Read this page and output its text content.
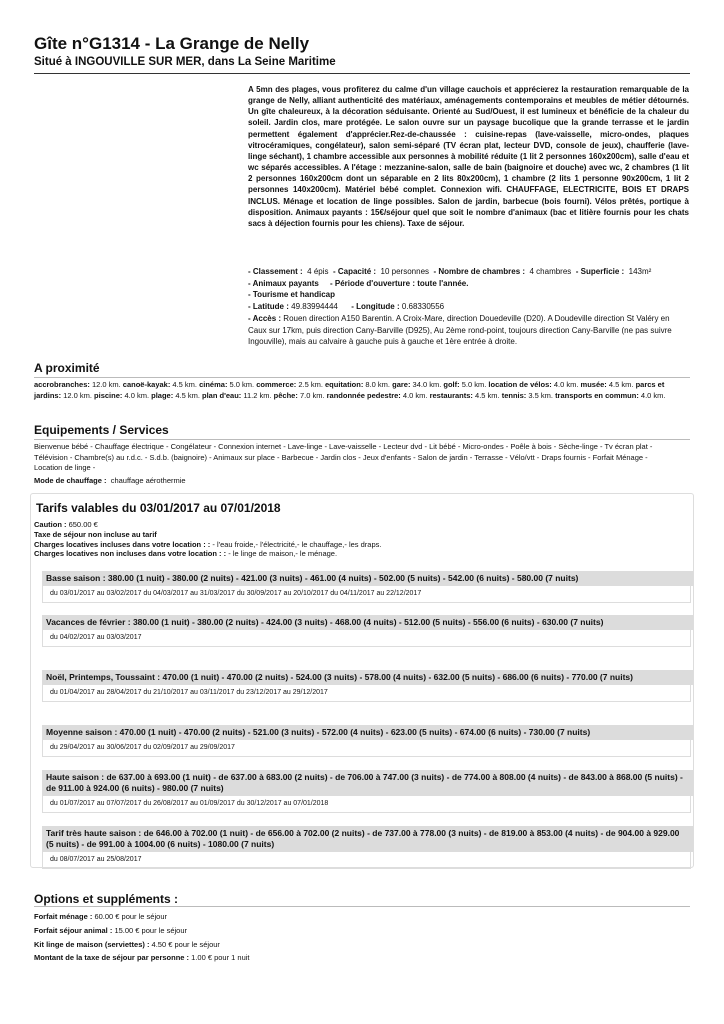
Gîte n°G1314 - La Grange de Nelly
Situé à INGOUVILLE SUR MER, dans La Seine Maritime
A 5mn des plages, vous profiterez du calme d'un village cauchois et apprécierez la restauration remarquable de la grange de Nelly, alliant authenticité des matériaux, aménagements contemporains et meubles de métier détournés. Un gîte chaleureux, à la décoration séduisante. Orienté au Sud/Ouest, il est lumineux et bénéficie de la chaleur du soleil. Jardin clos, mare protégée. Le salon ouvre sur un paysage bucolique que la grande terrasse et le jardin permettent également d'apprécier.Rez-de-chaussée : cuisine-repas (lave-vaisselle, micro-ondes, plaques vitrocéramiques, congélateur), salon semi-séparé (TV écran plat, lecteur DVD, console de jeux), chaufferie (lave-linge séchant), 1 chambre accessible aux personnes à mobilité réduite (1 lit 2 personnes 160x200cm), salle d'eau et wc séparés accessibles. A l'étage : mezzanine-salon, salle de bain (baignoire et douche) avec wc, 2 chambres (1 lit 2 personnes 160x200cm dont un séparable en 2 lits 80x200cm), 1 chambre (2 lits 1 personne 90x200cm, 1 lit 2 personnes 140x200cm). Matériel bébé complet. Connexion wifi. CHAUFFAGE, ELECTRICITE, BOIS ET DRAPS INCLUS. Ménage et location de linge possibles. Salon de jardin, barbecue (bois fourni). Vélos prêtés, portique à disposition. Animaux payants : 15€/séjour quel que soit le nombre d'animaux (bac et litière fournis pour les chats sacs à déjection fournis pour les chiens). Taxe de séjour.
- Classement : 4 épis - Capacité : 10 personnes - Nombre de chambres : 4 chambres - Superficie : 143m²
- Animaux payants - Période d'ouverture : toute l'année.
- Tourisme et handicap
- Latitude : 49.83994444 - Longitude : 0.68330556
- Accès : Rouen direction A150 Barentin. A Croix-Mare, direction Douedeville (D20). A Doudeville direction St Valéry en Caux sur 17km, puis direction Cany-Barville (D925), Au 2ème rond-point, toujours direction Cany-Barville (ne pas suivre Ingouville), mais au calvaire à gauche puis à gauche et 1ère entrée à droite.
A proximité
accrobranches: 12.0 km. canoë-kayak: 4.5 km. cinéma: 5.0 km. commerce: 2.5 km. equitation: 8.0 km. gare: 34.0 km. golf: 5.0 km. location de vélos: 4.0 km. musée: 4.5 km. parcs et jardins: 12.0 km. piscine: 4.0 km. plage: 4.5 km. plan d'eau: 11.2 km. pêche: 7.0 km. randonnée pedestre: 4.0 km. restaurants: 4.5 km. tennis: 3.5 km. transports en commun: 4.0 km.
Equipements / Services
Bienvenue bébé - Chauffage électrique - Congélateur - Connexion internet - Lave-linge - Lave-vaisselle - Lecteur dvd - Lit bébé - Micro-ondes - Poêle à bois - Sèche-linge - Tv écran plat - Télévision - Chambre(s) au r.d.c. - S.d.b. (baignoire) - Animaux sur place - Barbecue - Jardin clos - Jeux d'enfants - Salon de jardin - Terrasse - Vélo/vtt - Draps fournis - Forfait Ménage - Location de linge -
Mode de chauffage : chauffage aérothermie
Tarifs valables du 03/01/2017 au 07/01/2018
Caution : 650.00 €
Taxe de séjour non incluse au tarif
Charges locatives incluses dans votre location : : - l'eau froide,- l'électricité,- le chauffage,- les draps.
Charges locatives non incluses dans votre location : : - le linge de maison,- le ménage.
Basse saison : 380.00 (1 nuit) - 380.00 (2 nuits) - 421.00 (3 nuits) - 461.00 (4 nuits) - 502.00 (5 nuits) - 542.00 (6 nuits) - 580.00 (7 nuits)
du 03/01/2017 au 03/02/2017 du 04/03/2017 au 31/03/2017 du 30/09/2017 au 20/10/2017 du 04/11/2017 au 22/12/2017
Vacances de février : 380.00 (1 nuit) - 380.00 (2 nuits) - 424.00 (3 nuits) - 468.00 (4 nuits) - 512.00 (5 nuits) - 556.00 (6 nuits) - 630.00 (7 nuits)
du 04/02/2017 au 03/03/2017
Noël, Printemps, Toussaint : 470.00 (1 nuit) - 470.00 (2 nuits) - 524.00 (3 nuits) - 578.00 (4 nuits) - 632.00 (5 nuits) - 686.00 (6 nuits) - 770.00 (7 nuits)
du 01/04/2017 au 28/04/2017 du 21/10/2017 au 03/11/2017 du 23/12/2017 au 29/12/2017
Moyenne saison : 470.00 (1 nuit) - 470.00 (2 nuits) - 521.00 (3 nuits) - 572.00 (4 nuits) - 623.00 (5 nuits) - 674.00 (6 nuits) - 730.00 (7 nuits)
du 29/04/2017 au 30/06/2017 du 02/09/2017 au 29/09/2017
Haute saison : de 637.00 à 693.00 (1 nuit) - de 637.00 à 683.00 (2 nuits) - de 706.00 à 747.00 (3 nuits) - de 774.00 à 808.00 (4 nuits) - de 843.00 à 868.00 (5 nuits) - de 911.00 à 924.00 (6 nuits) - 980.00 (7 nuits)
du 01/07/2017 au 07/07/2017 du 26/08/2017 au 01/09/2017 du 30/12/2017 au 07/01/2018
Tarif très haute saison : de 646.00 à 702.00 (1 nuit) - de 656.00 à 702.00 (2 nuits) - de 737.00 à 778.00 (3 nuits) - de 819.00 à 853.00 (4 nuits) - de 904.00 à 929.00 (5 nuits) - de 991.00 à 1004.00 (6 nuits) - 1080.00 (7 nuits)
du 08/07/2017 au 25/08/2017
Options et suppléments :
Forfait ménage : 60.00 € pour le séjour
Forfait séjour animal : 15.00 € pour le séjour
Kit linge de maison (serviettes) : 4.50 € pour le séjour
Montant de la taxe de séjour par personne : 1.00 € pour 1 nuit
